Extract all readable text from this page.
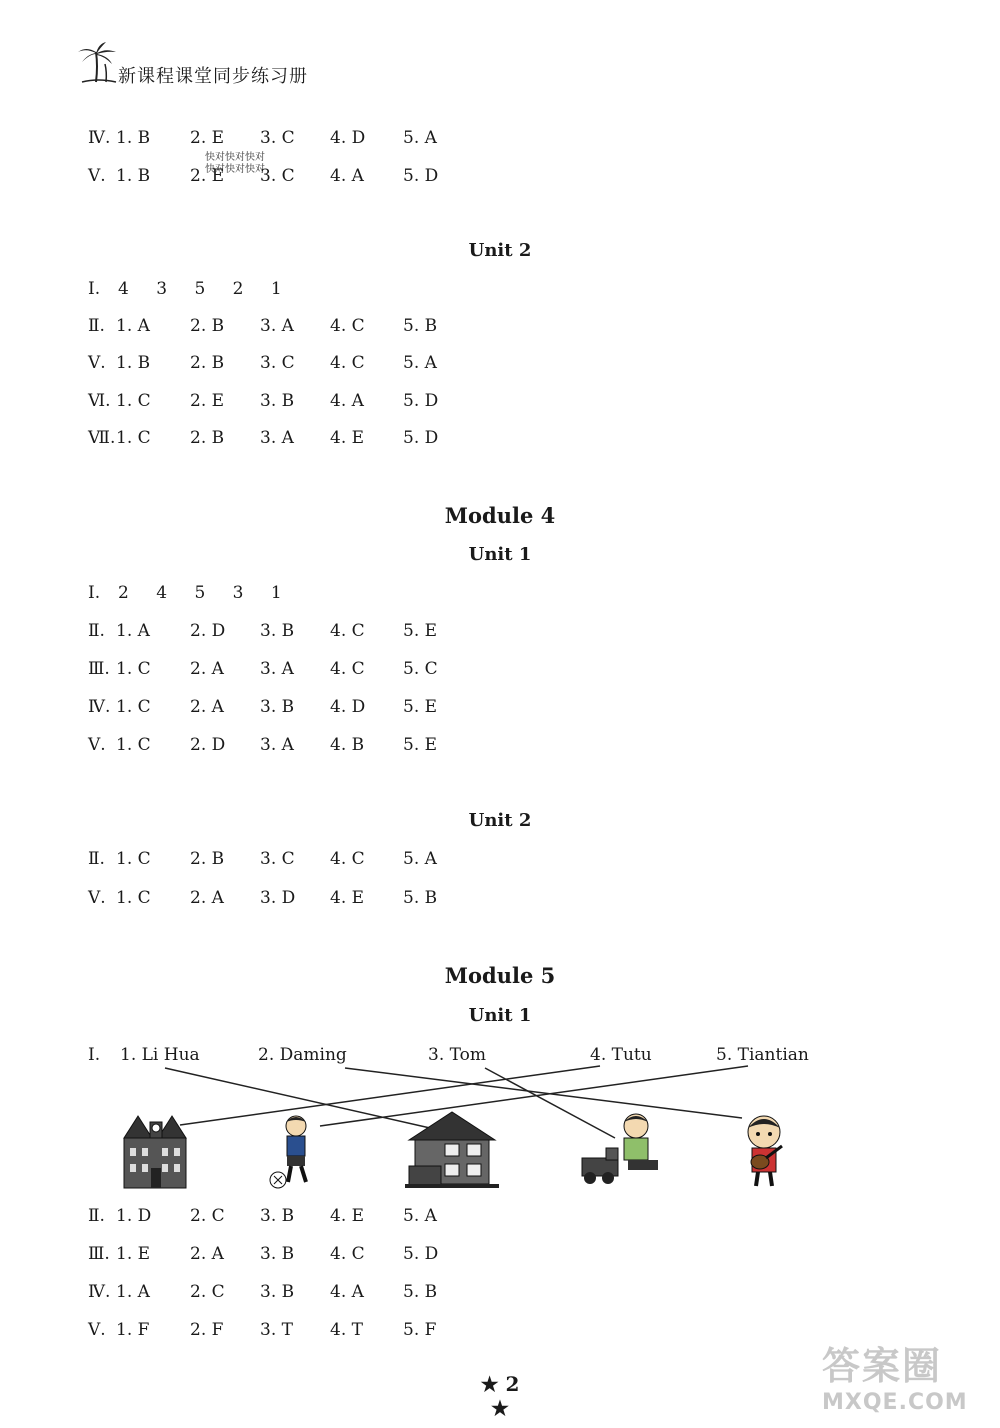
新课程课堂同步练习册
Ⅳ. 1. B 2. E 3. C 4. D 5. A
快对快对快对
快对快对快对
Ⅴ. 1. B 2. E 3. C 4. A 5. D
Unit 2
Ⅰ. 4 3 5 2 1
Ⅱ. 1. A 2. B 3. A 4. C 5. B
Ⅴ. 1. B 2. B 3. C 4. C 5. A
Ⅵ. 1. C 2. E 3. B 4. A 5. D
Ⅶ. 1. C 2. B 3. A 4. E 5. D
Module 4
Unit 1
Ⅰ. 2 4 5 3 1
Ⅱ. 1. A 2. D 3. B 4. C 5. E
Ⅲ. 1. C 2. A 3. A 4. C 5. C
Ⅳ. 1. C 2. A 3. B 4. D 5. E
Ⅴ. 1. C 2. D 3. A 4. B 5. E
Unit 2
Ⅱ. 1. C 2. B 3. C 4. C 5. A
Ⅴ. 1. C 2. A 3. D 4. E 5. B
Module 5
Unit 1
Ⅰ. 1. Li Hua	2. Daming	3. Tom	4. Tutu	5. Tiantian
Ⅱ. 1. D 2. C 3. B 4. E 5. A
Ⅲ. 1. E 2. A 3. B 4. C 5. D
Ⅳ. 1. A 2. C 3. B 4. A 5. B
Ⅴ. 1. F 2. F 3. T 4. T 5. F
★ 2 ★
答案圈
MXQE.COM
